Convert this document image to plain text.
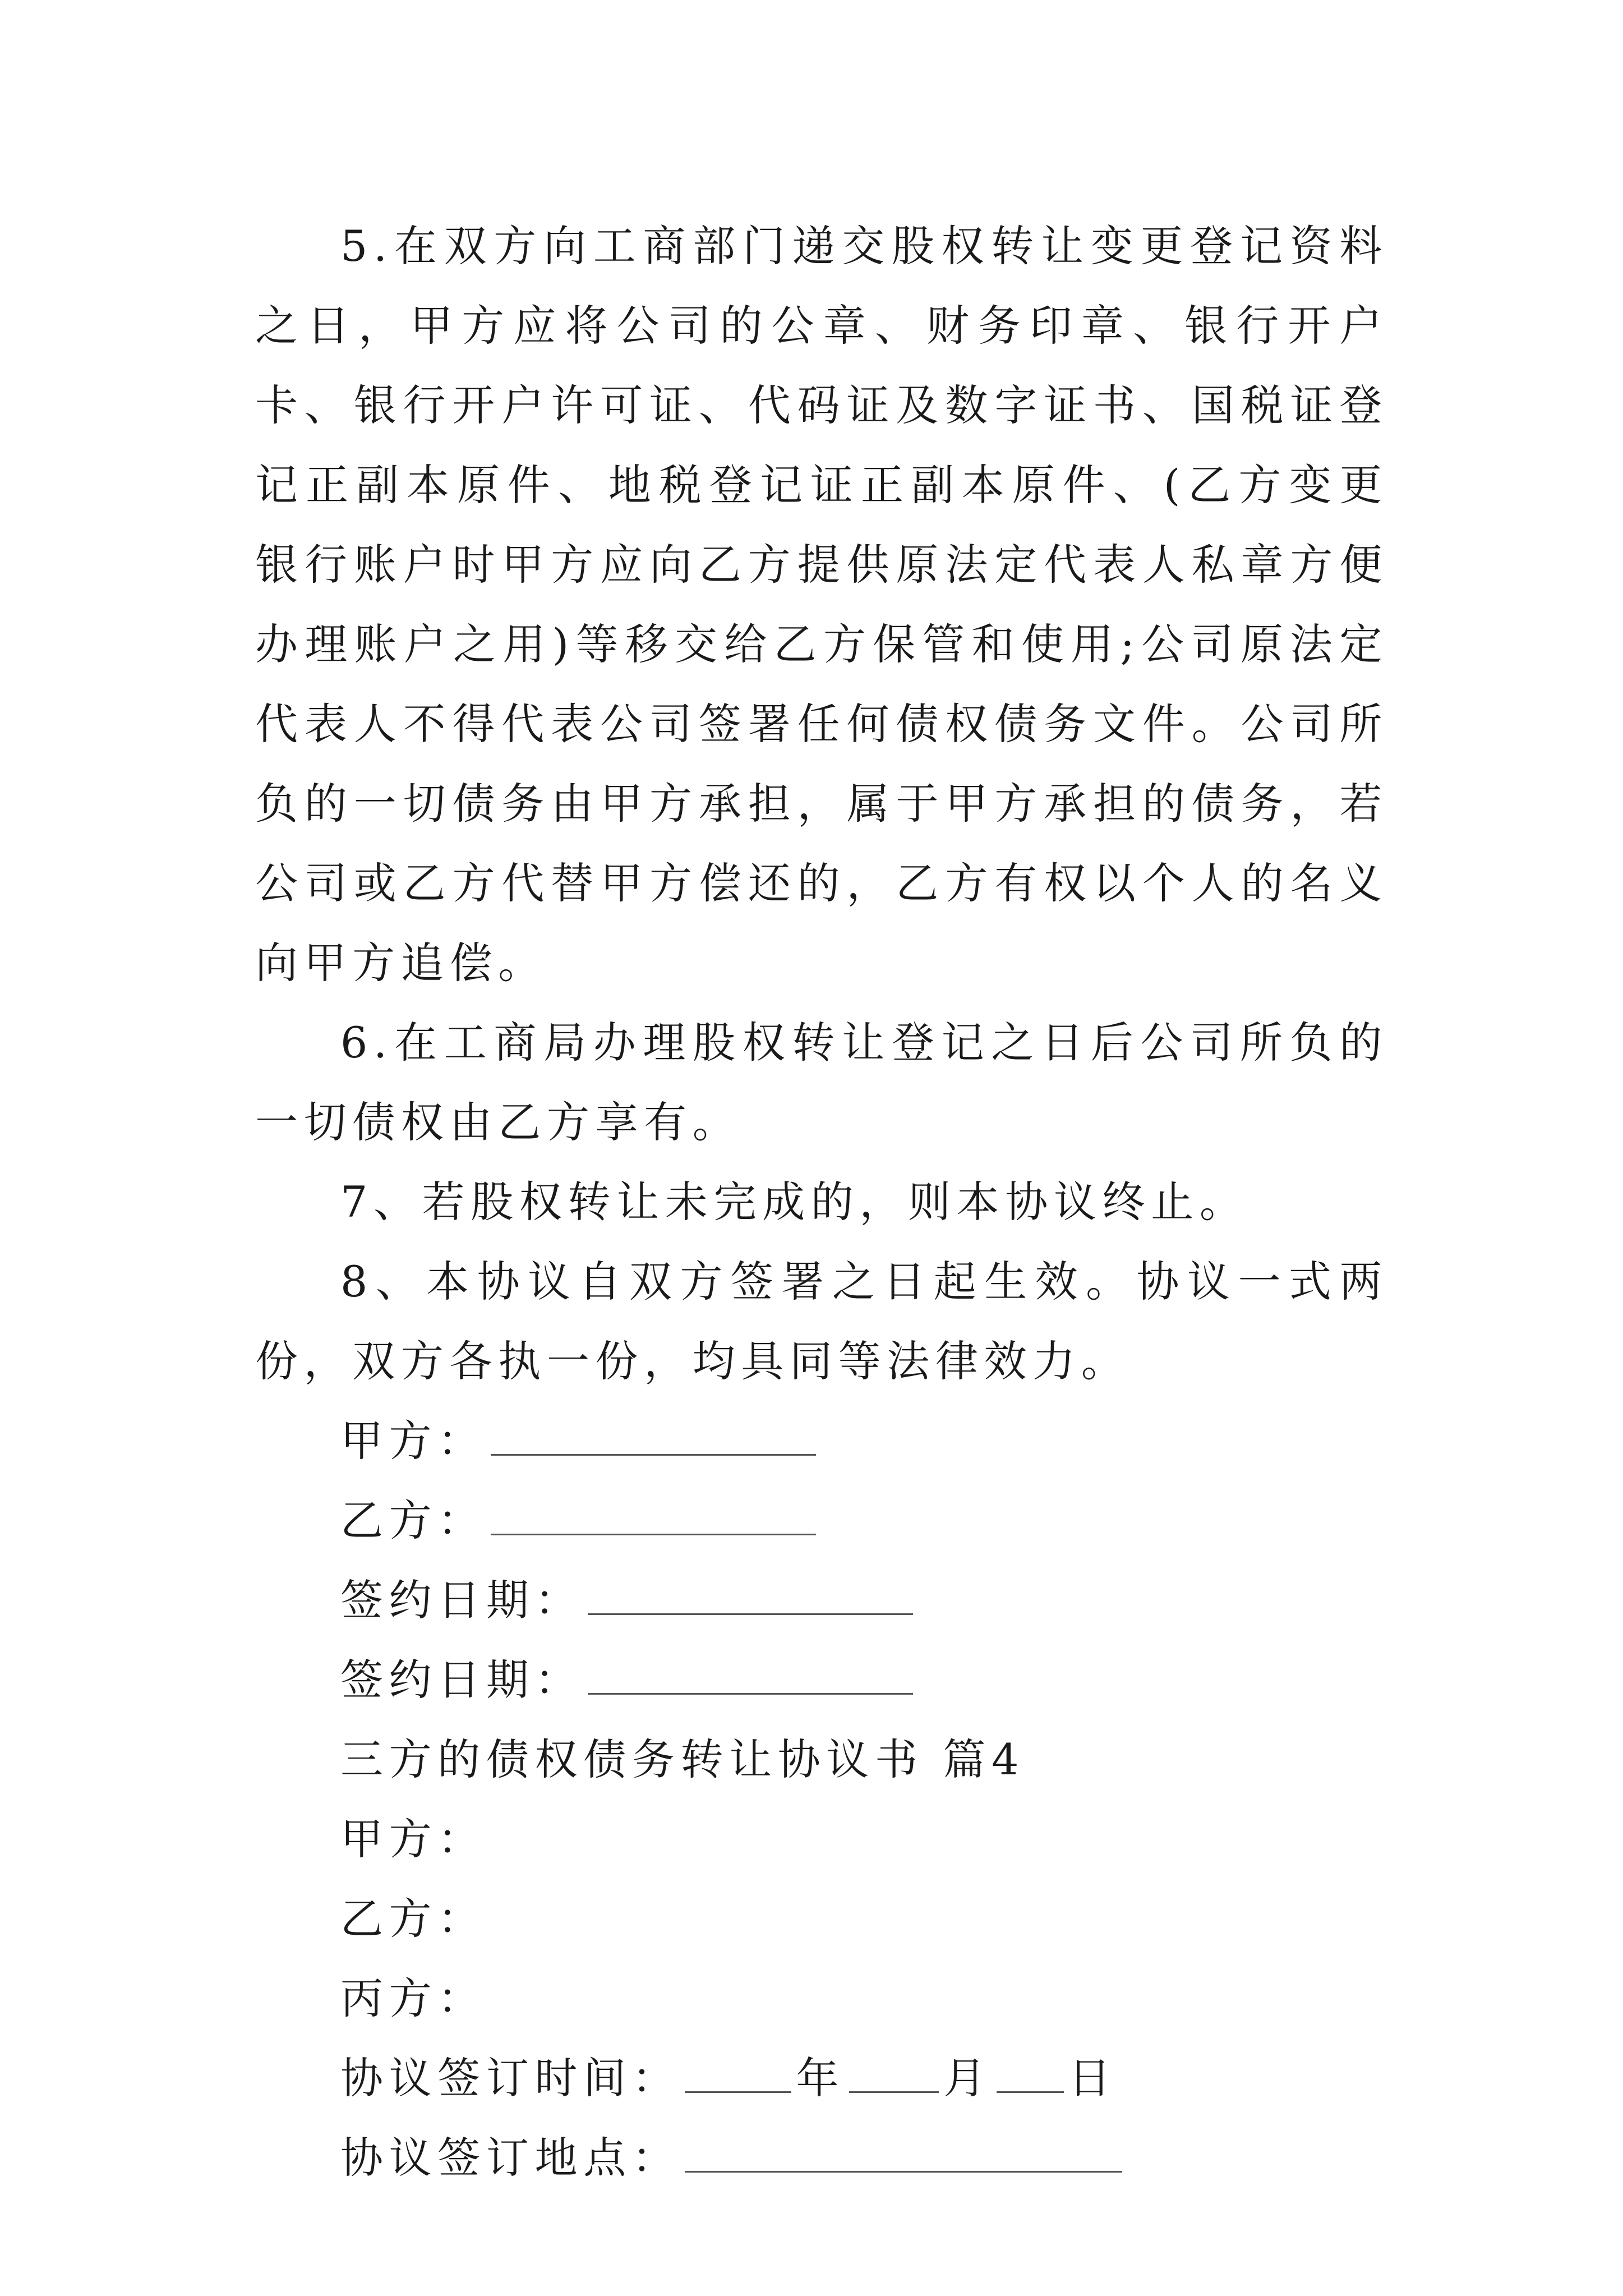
5.在双方向工商部门递交股权转让变更登记资料之日，甲方应将公司的公章、财务印章、银行开户卡、银行开户许可证、代码证及数字证书、国税证登记正副本原件、地税登记证正副本原件、(乙方变更银行账户时甲方应向乙方提供原法定代表人私章方便办理账户之用)等移交给乙方保管和使用;公司原法定代表人不得代表公司签署任何债权债务文件。公司所负的一切债务由甲方承担，属于甲方承担的债务，若公司或乙方代替甲方偿还的，乙方有权以个人的名义向甲方追偿。

6.在工商局办理股权转让登记之日后公司所负的一切债权由乙方享有。

7、若股权转让未完成的，则本协议终止。

8、本协议自双方签署之日起生效。协议一式两份，双方各执一份，均具同等法律效力。

甲方：

乙方：

签约日期：

签约日期：

三方的债权债务转让协议书 篇4

甲方：

乙方：

丙方：

协议签订时间：	年 月 日

协议签订地点：
